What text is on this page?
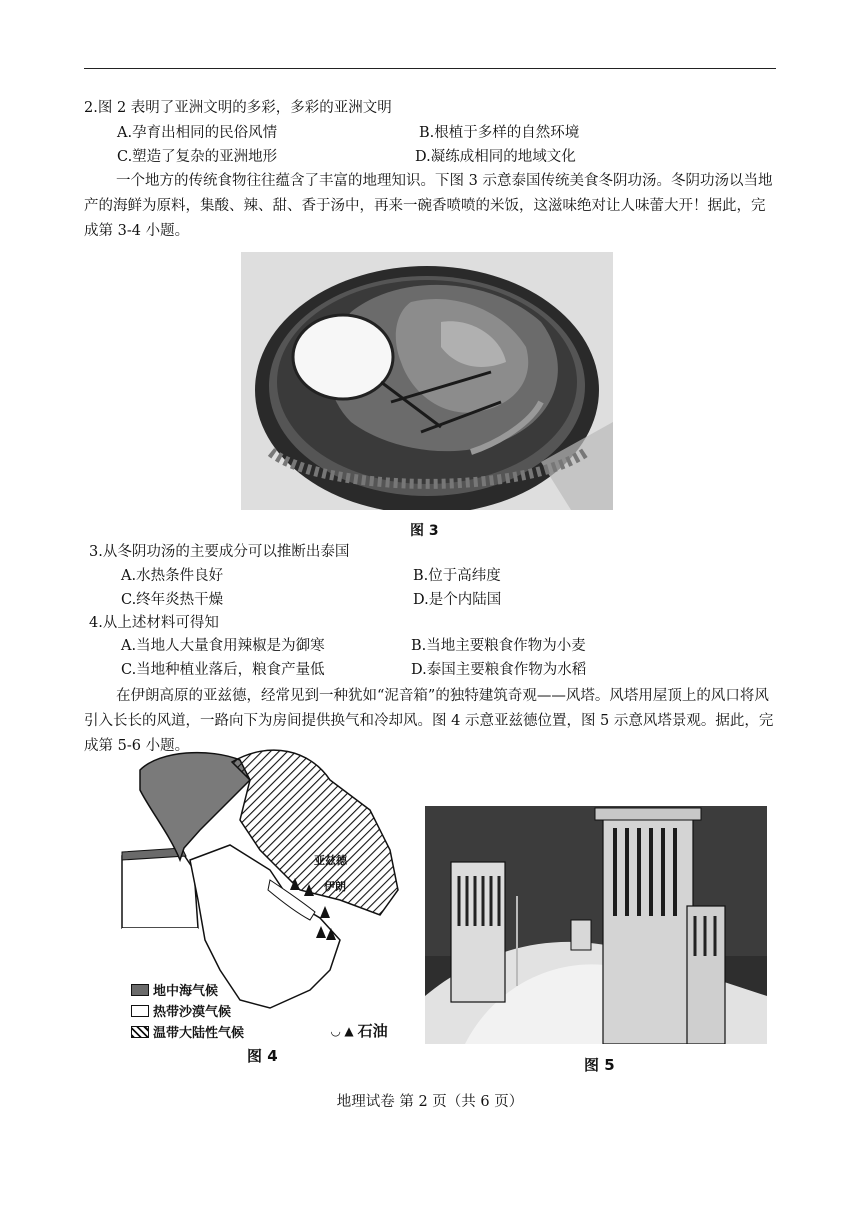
2.图 2 表明了亚洲文明的多彩，多彩的亚洲文明
A.孕育出相同的民俗风情	B.根植于多样的自然环境
C.塑造了复杂的亚洲地形	D.凝练成相同的地域文化
一个地方的传统食物往往蕴含了丰富的地理知识。下图 3 示意泰国传统美食冬阴功汤。冬阴功汤以当地产的海鲜为原料，集酸、辣、甜、香于汤中，再来一碗香喷喷的米饭，这滋味绝对让人味蕾大开！据此，完成第 3-4 小题。
图 3
3.从冬阴功汤的主要成分可以推断出泰国
A.水热条件良好	B.位于高纬度
C.终年炎热干燥	D.是个内陆国
4.从上述材料可得知
A.当地人大量食用辣椒是为御寒	B.当地主要粮食作物为小麦
C.当地种植业落后，粮食产量低	D.泰国主要粮食作物为水稻
在伊朗高原的亚兹德，经常见到一种犹如“泥音箱”的独特建筑奇观——风塔。风塔用屋顶上的风口将风引入长长的风道，一路向下为房间提供换气和冷却风。图 4 示意亚兹德位置，图 5 示意风塔景观。据此，完成第 5-6 小题。
亚兹德
伊朗
地中海气候
热带沙漠气候
温带大陆性气候	◡ ▲ 石油
图 4	图 5
地理试卷 第 2 页（共 6 页）
